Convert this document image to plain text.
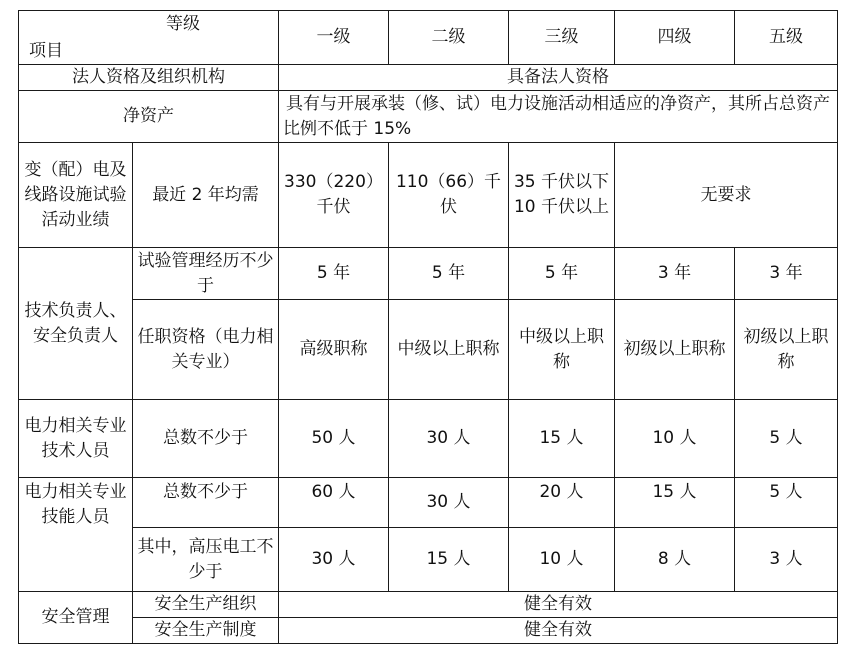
等级
项目		一级	二级	三级	四级	五级
法人资格及组织机构		具备法人资格				
净资产		具有与开展承装（修、试）电力设施活动相适应的净资产，其所占总资产比例不低于 15%				
变（配）电及线路设施试验活动业绩	最近 2 年均需	330（220）千伏	110（66）千伏	35 千伏以下10 千伏以上	无要求	
技术负责人、安全负责人	试验管理经历不少于	5 年	5 年	5 年	3 年	3 年
	任职资格（电力相关专业）	高级职称	中级以上职称	中级以上职称	初级以上职称	初级以上职称
电力相关专业技术人员	总数不少于	50 人	30 人	15 人	10 人	5 人
电力相关专业技能人员	总数不少于	60 人	30 人	20 人	15 人	5 人
	其中，高压电工不少于	30 人	15 人	10 人	8 人	3 人
安全管理	安全生产组织	健全有效				
	安全生产制度	健全有效				
